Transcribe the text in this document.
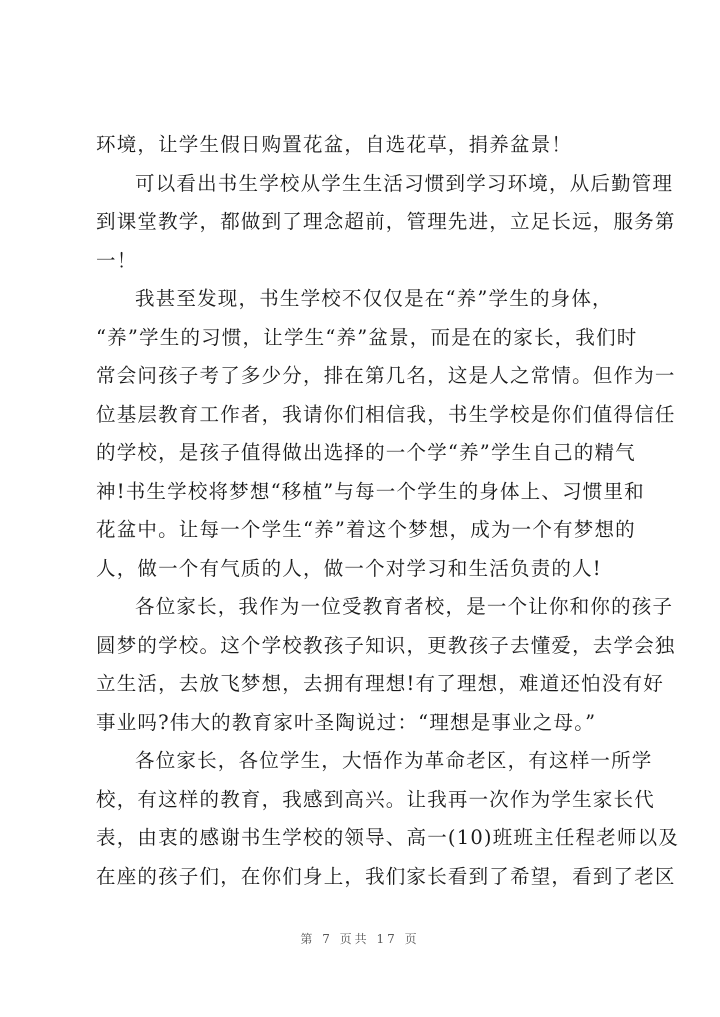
环境，让学生假日购置花盆，自选花草，捐养盆景！
可以看出书生学校从学生生活习惯到学习环境，从后勤管理
到课堂教学，都做到了理念超前，管理先进，立足长远，服务第
一！
我甚至发现，书生学校不仅仅是在“养”学生的身体，
“养”学生的习惯，让学生“养”盆景，而是在的家长，我们时
常会问孩子考了多少分，排在第几名，这是人之常情。但作为一
位基层教育工作者，我请你们相信我，书生学校是你们值得信任
的学校，是孩子值得做出选择的一个学“养”学生自己的精气
神!书生学校将梦想“移植”与每一个学生的身体上、习惯里和
花盆中。让每一个学生“养”着这个梦想，成为一个有梦想的
人，做一个有气质的人，做一个对学习和生活负责的人!
各位家长，我作为一位受教育者校，是一个让你和你的孩子
圆梦的学校。这个学校教孩子知识，更教孩子去懂爱，去学会独
立生活，去放飞梦想，去拥有理想!有了理想，难道还怕没有好
事业吗?伟大的教育家叶圣陶说过：“理想是事业之母。”
各位家长，各位学生，大悟作为革命老区，有这样一所学
校，有这样的教育，我感到高兴。让我再一次作为学生家长代
表，由衷的感谢书生学校的领导、高一(10)班班主任程老师以及
在座的孩子们，在你们身上，我们家长看到了希望，看到了老区
第 7 页共 17 页
